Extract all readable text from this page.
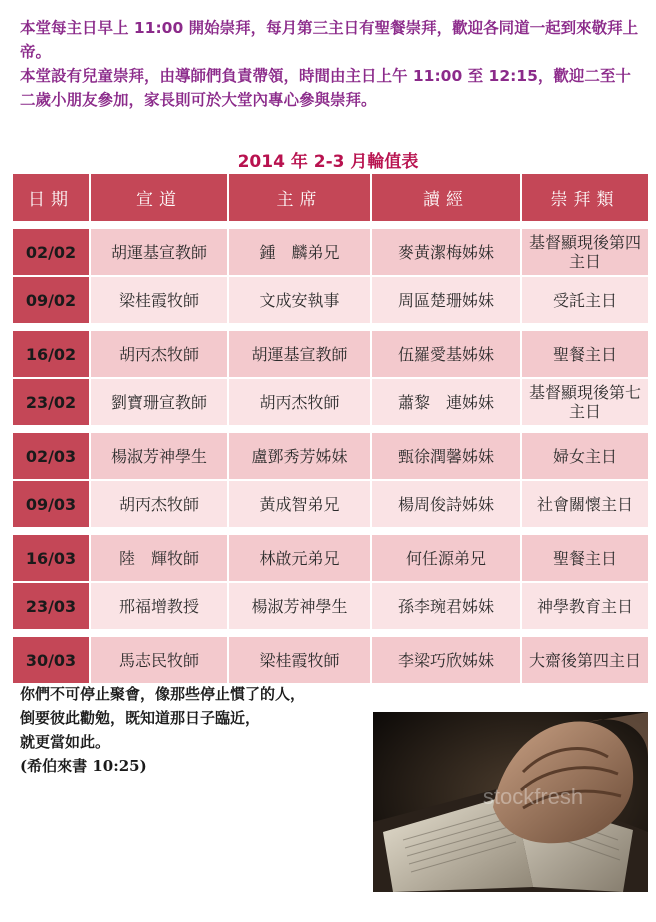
本堂每主日早上 11:00 開始崇拜，每月第三主日有聖餐崇拜，歡迎各同道一起到來敬拜上帝。

本堂設有兒童崇拜，由導師們負責帶領，時間由主日上午 11:00 至 12:15，歡迎二至十二歲小朋友參加，家長則可於大堂內專心參與崇拜。

2014 年 2-3 月輪值表
日期	宣道	主席	讀經	崇拜類

02/02	胡運基宣教師	鍾　麟弟兄	麥黃潔梅姊妹	基督顯現後第四主日
09/02	梁桂霞牧師	文成安執事	周區楚珊姊妹	受託主日

16/02	胡丙杰牧師	胡運基宣教師	伍羅愛基姊妹	聖餐主日
23/02	劉寶珊宣教師	胡丙杰牧師	蕭黎　連姊妹	基督顯現後第七主日

02/03	楊淑芳神學生	盧鄧秀芳姊妹	甄徐潤馨姊妹	婦女主日
09/03	胡丙杰牧師	黃成智弟兄	楊周俊詩姊妹	社會關懷主日

16/03	陸　輝牧師	林啟元弟兄	何任源弟兄	聖餐主日
23/03	邢福增教授	楊淑芳神學生	孫李琬君姊妹	神學教育主日

30/03	馬志民牧師	梁桂霞牧師	李梁巧欣姊妹	大齋後第四主日

你們不可停止聚會，像那些停止慣了的人，

倒要彼此勸勉，既知道那日子臨近，

就更當如此。

(希伯來書 10:25)

stockfresh
